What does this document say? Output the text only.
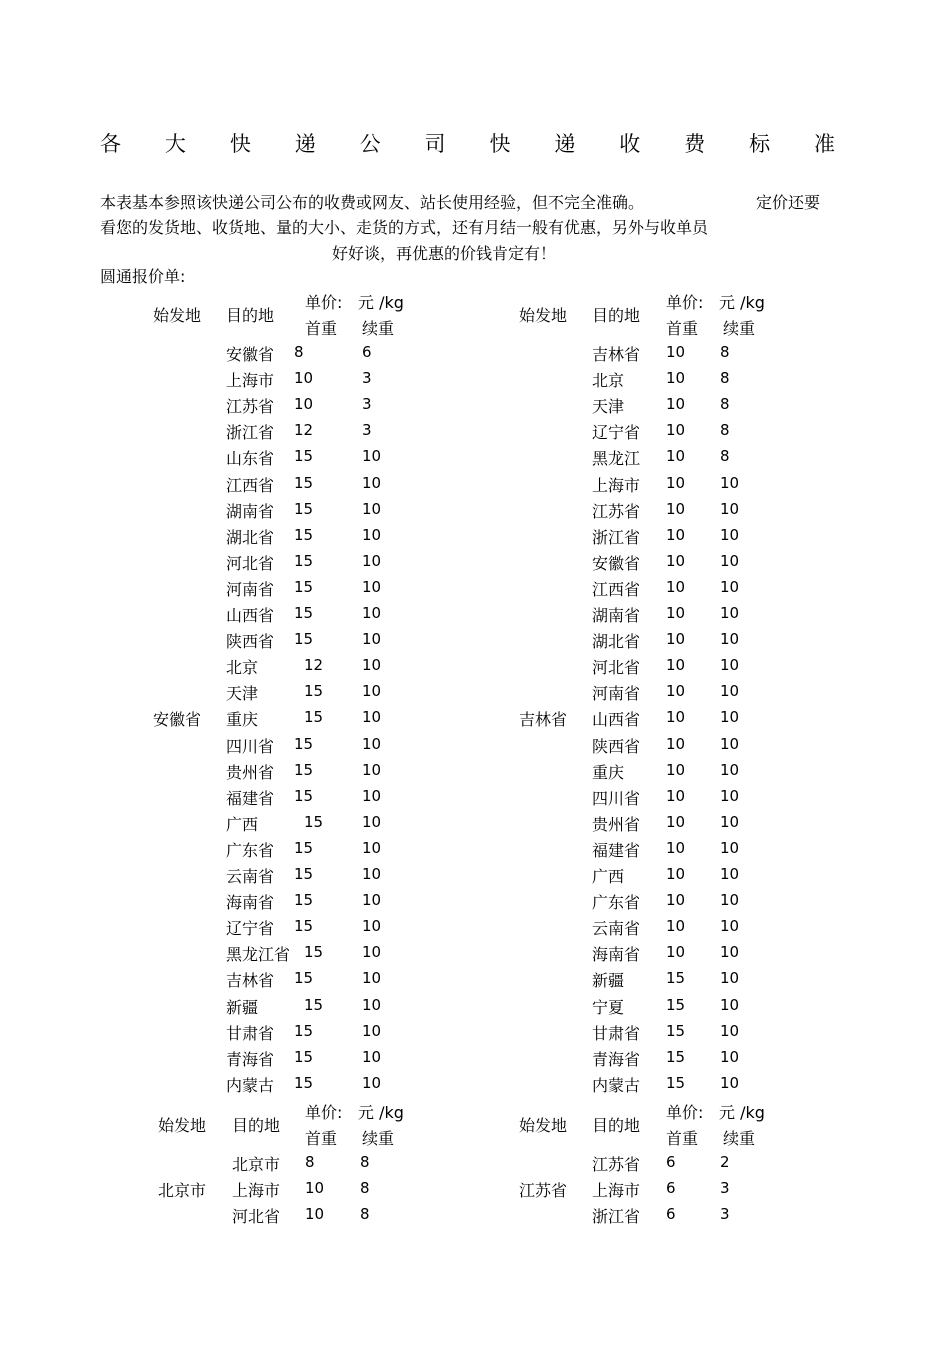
各 大 快 递 公 司 快 递 收 费 标 准
本表基本参照该快递公司公布的收费或网友、站长使用经验，但不完全准确。	定价还要
看您的发货地、收货地、量的大小、走货的方式，还有月结一般有优惠，另外与收单员
好好谈，再优惠的价钱肯定有！
圆通报价单:
始发地 目的地
单价: 元 /kg
首重 续重
安徽省 8	6
上海市 10	3
江苏省 10	3
浙江省 12	3
山东省 15	10
江西省 15	10
湖南省 15	10
湖北省 15	10
河北省 15	10
河南省 15	10
山西省 15	10
陕西省 15	10
北京	12	10
天津	15	10
重庆	15	10
四川省 15	10
贵州省 15	10
福建省 15	10
广西	15	10
广东省 15	10
云南省 15	10
海南省 15	10
辽宁省 15	10
黑龙江省 15	10
吉林省 15	10
新疆	15	10
甘肃省 15	10
青海省 15	10
内蒙古 15	10
安徽省
始发地 目的地
单价: 元 /kg
首重 续重
吉林省 10 8
北京	10 8
天津	10 8
辽宁省 10 8
黑龙江 10 8
上海市 10 10
江苏省 10 10
浙江省 10 10
安徽省 10 10
江西省 10 10
湖南省 10 10
湖北省 10 10
河北省 10 10
河南省 10 10
山西省 10 10
陕西省 10 10
重庆	10 10
四川省 10 10
贵州省 10 10
福建省 10 10
广西	10 10
广东省 10 10
云南省 10 10
海南省 10 10
新疆	15 10
宁夏	15 10
甘肃省 15 10
青海省 15 10
内蒙古 15 10
吉林省
始发地 目的地
单价: 元 /kg
首重 续重
北京市 8	8
上海市 10 8
河北省 10 8
北京市
始发地 目的地
单价: 元 /kg
首重 续重
江苏省 6	2
上海市 6	3
浙江省 6	3
江苏省
